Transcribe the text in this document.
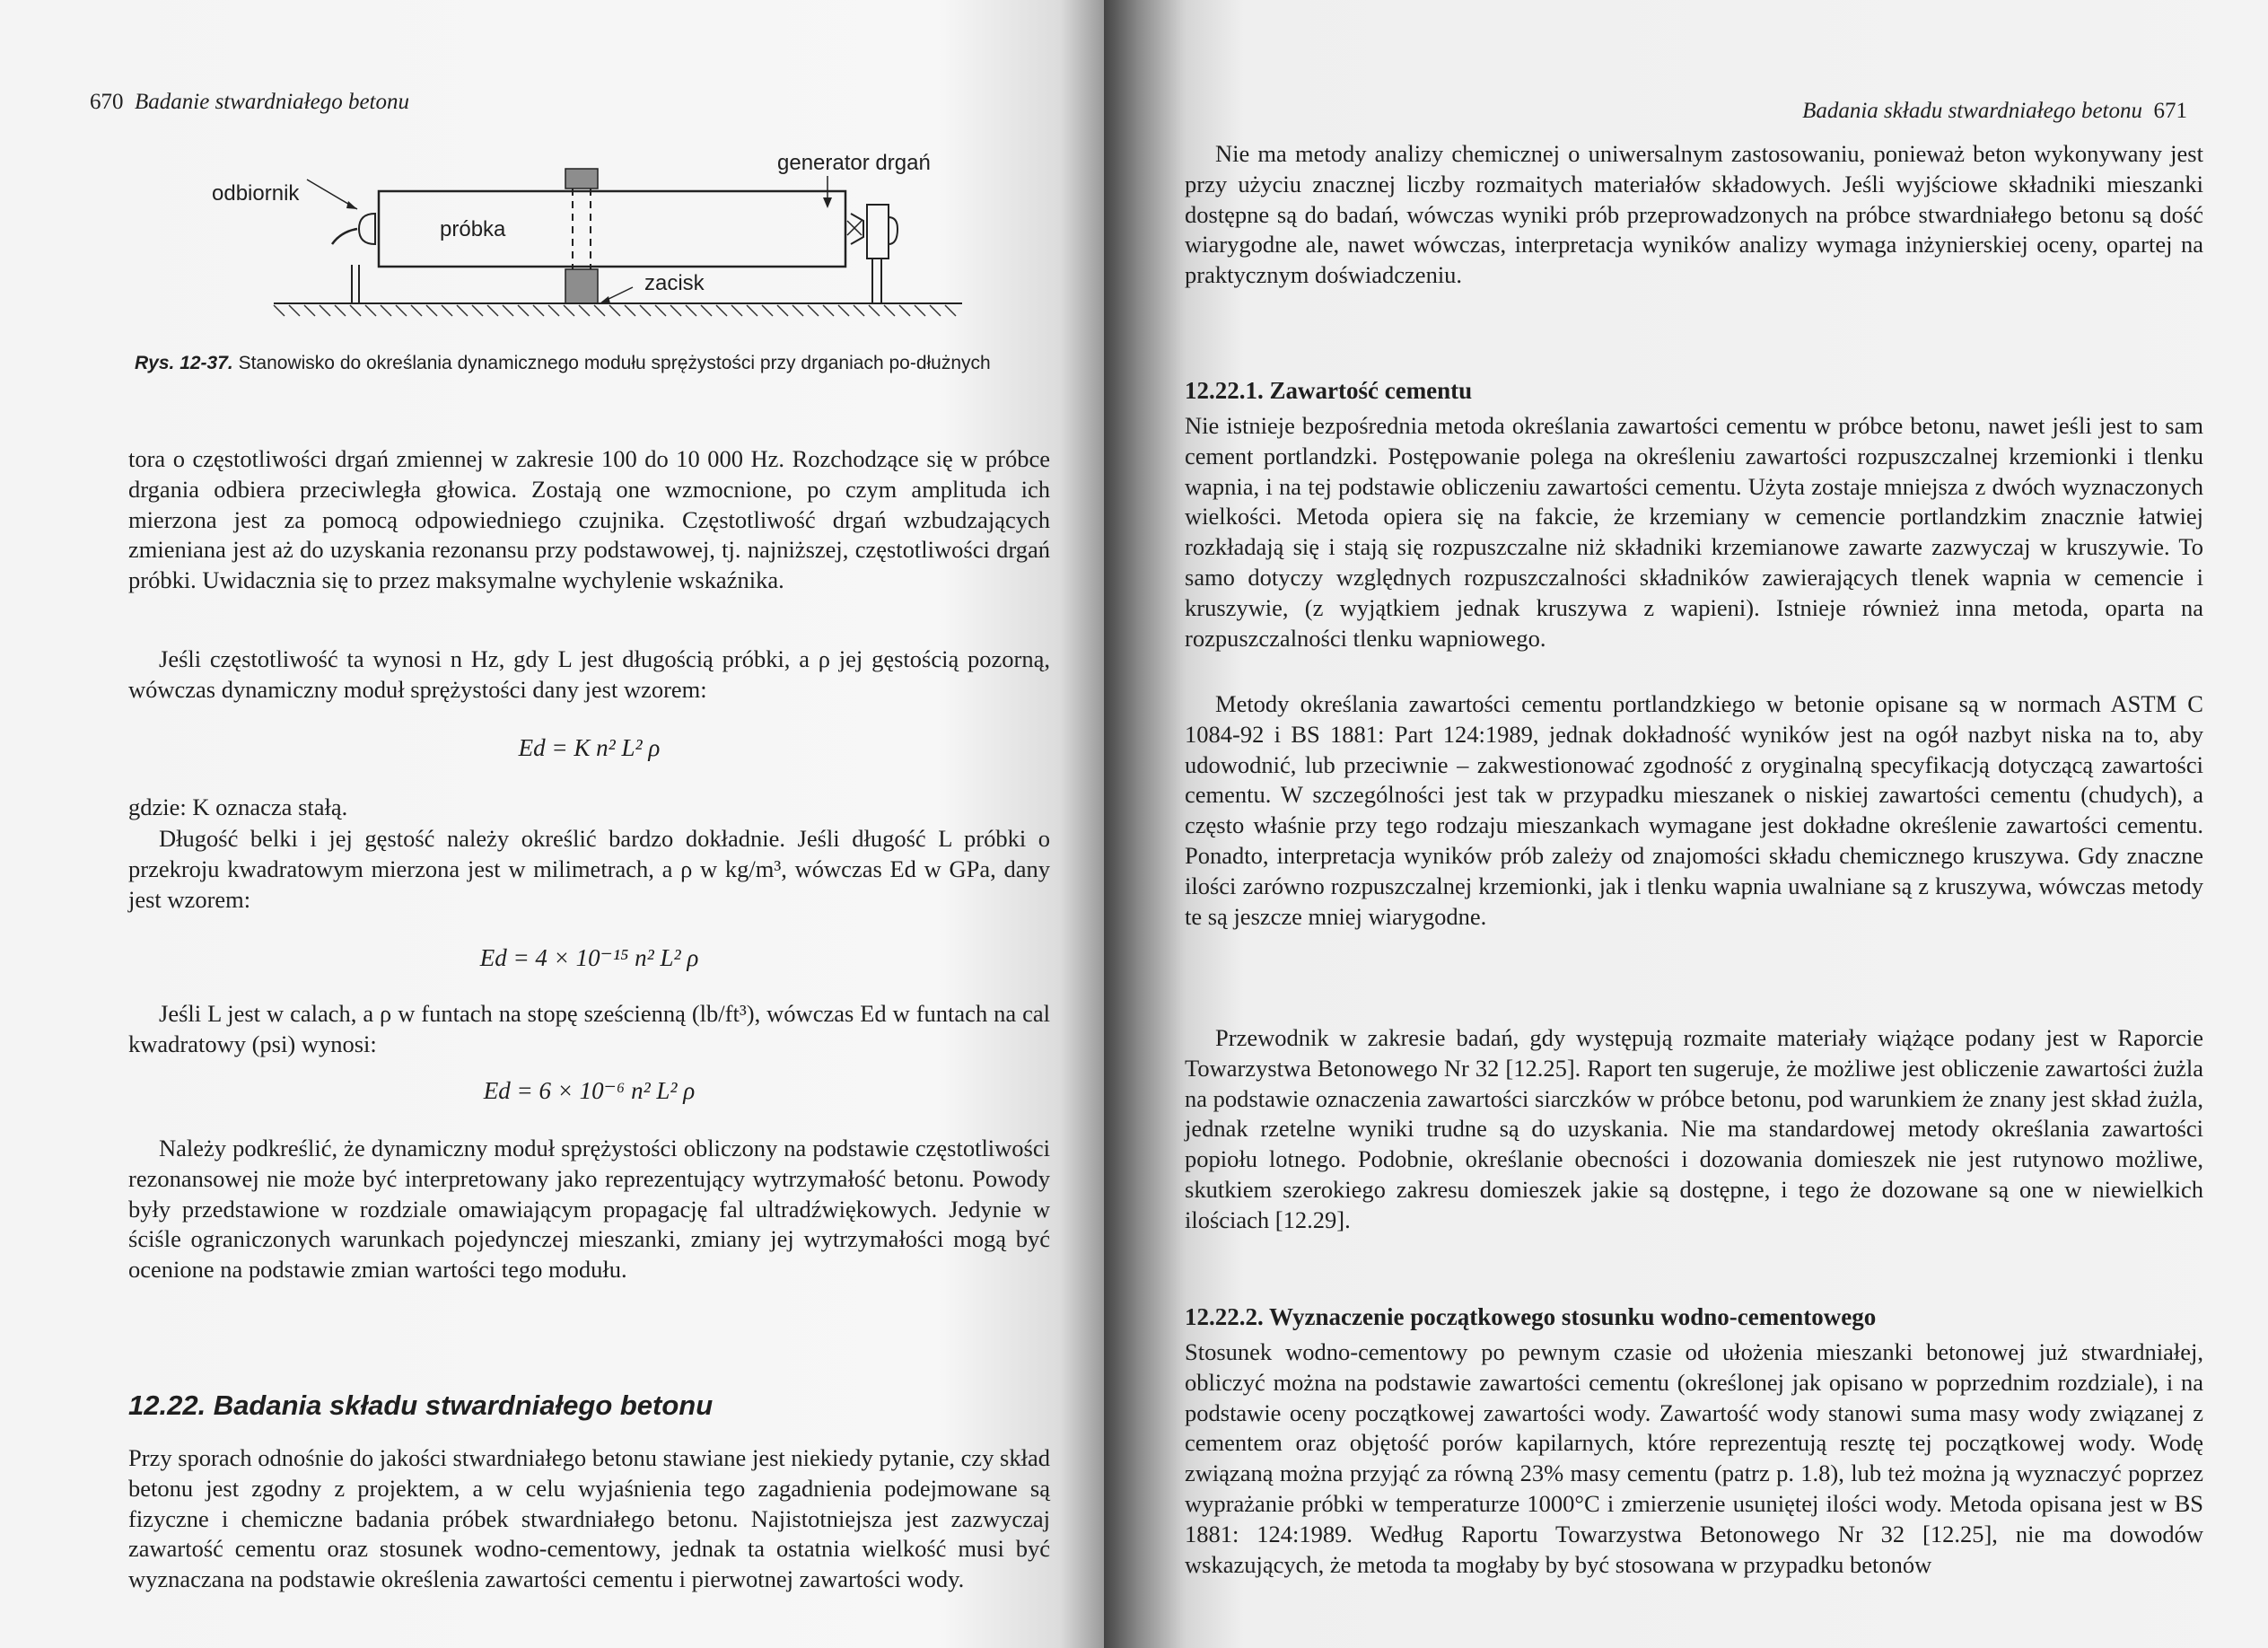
670 Badanie stwardniałego betonu
odbiornik
próbka
generator drgań
zacisk
Rys. 12-37. Stanowisko do określania dynamicznego modułu sprężystości przy drganiach po-dłużnych
tora o częstotliwości drgań zmiennej w zakresie 100 do 10 000 Hz. Rozchodzące się w próbce drgania odbiera przeciwległa głowica. Zostają one wzmocnione, po czym amplituda ich mierzona jest za pomocą odpowiedniego czujnika. Częstotliwość drgań wzbudzających zmieniana jest aż do uzyskania rezonansu przy podstawowej, tj. najniższej, częstotliwości drgań próbki. Uwidacznia się to przez maksymalne wychylenie wskaźnika.
Jeśli częstotliwość ta wynosi n Hz, gdy L jest długością próbki, a ρ jej gęstością pozorną, wówczas dynamiczny moduł sprężystości dany jest wzorem:
Ed = K n² L² ρ
gdzie: K oznacza stałą.
Długość belki i jej gęstość należy określić bardzo dokładnie. Jeśli długość L próbki o przekroju kwadratowym mierzona jest w milimetrach, a ρ w kg/m³, wówczas Ed w GPa, dany jest wzorem:
Ed = 4 × 10⁻¹⁵ n² L² ρ
Jeśli L jest w calach, a ρ w funtach na stopę sześcienną (lb/ft³), wówczas Ed w funtach na cal kwadratowy (psi) wynosi:
Ed = 6 × 10⁻⁶ n² L² ρ
Należy podkreślić, że dynamiczny moduł sprężystości obliczony na podstawie częstotliwości rezonansowej nie może być interpretowany jako reprezentujący wytrzymałość betonu. Powody były przedstawione w rozdziale omawiającym propagację fal ultradźwiękowych. Jedynie w ściśle ograniczonych warunkach pojedynczej mieszanki, zmiany jej wytrzymałości mogą być ocenione na podstawie zmian wartości tego modułu.
12.22. Badania składu stwardniałego betonu
Przy sporach odnośnie do jakości stwardniałego betonu stawiane jest niekiedy pytanie, czy skład betonu jest zgodny z projektem, a w celu wyjaśnienia tego zagadnienia podejmowane są fizyczne i chemiczne badania próbek stwardniałego betonu. Najistotniejsza jest zazwyczaj zawartość cementu oraz stosunek wodno-cementowy, jednak ta ostatnia wielkość musi być wyznaczana na podstawie określenia zawartości cementu i pierwotnej zawartości wody.
Badania składu stwardniałego betonu 671
Nie ma metody analizy chemicznej o uniwersalnym zastosowaniu, ponieważ beton wykonywany jest przy użyciu znacznej liczby rozmaitych materiałów składowych. Jeśli wyjściowe składniki mieszanki dostępne są do badań, wówczas wyniki prób przeprowadzonych na próbce stwardniałego betonu są dość wiarygodne ale, nawet wówczas, interpretacja wyników analizy wymaga inżynierskiej oceny, opartej na praktycznym doświadczeniu.
12.22.1. Zawartość cementu
Nie istnieje bezpośrednia metoda określania zawartości cementu w próbce betonu, nawet jeśli jest to sam cement portlandzki. Postępowanie polega na określeniu zawartości rozpuszczalnej krzemionki i tlenku wapnia, i na tej podstawie obliczeniu zawartości cementu. Użyta zostaje mniejsza z dwóch wyznaczonych wielkości. Metoda opiera się na fakcie, że krzemiany w cemencie portlandzkim znacznie łatwiej rozkładają się i stają się rozpuszczalne niż składniki krzemianowe zawarte zazwyczaj w kruszywie. To samo dotyczy względnych rozpuszczalności składników zawierających tlenek wapnia w cemencie i kruszywie, (z wyjątkiem jednak kruszywa z wapieni). Istnieje również inna metoda, oparta na rozpuszczalności tlenku wapniowego.
Metody określania zawartości cementu portlandzkiego w betonie opisane są w normach ASTM C 1084-92 i BS 1881: Part 124:1989, jednak dokładność wyników jest na ogół nazbyt niska na to, aby udowodnić, lub przeciwnie – zakwestionować zgodność z oryginalną specyfikacją dotyczącą zawartości cementu. W szczególności jest tak w przypadku mieszanek o niskiej zawartości cementu (chudych), a często właśnie przy tego rodzaju mieszankach wymagane jest dokładne określenie zawartości cementu. Ponadto, interpretacja wyników prób zależy od znajomości składu chemicznego kruszywa. Gdy znaczne ilości zarówno rozpuszczalnej krzemionki, jak i tlenku wapnia uwalniane są z kruszywa, wówczas metody te są jeszcze mniej wiarygodne.
Przewodnik w zakresie badań, gdy występują rozmaite materiały wiążące podany jest w Raporcie Towarzystwa Betonowego Nr 32 [12.25]. Raport ten sugeruje, że możliwe jest obliczenie zawartości żużla na podstawie oznaczenia zawartości siarczków w próbce betonu, pod warunkiem że znany jest skład żużla, jednak rzetelne wyniki trudne są do uzyskania. Nie ma standardowej metody określania zawartości popiołu lotnego. Podobnie, określanie obecności i dozowania domieszek nie jest rutynowo możliwe, skutkiem szerokiego zakresu domieszek jakie są dostępne, i tego że dozowane są one w niewielkich ilościach [12.29].
12.22.2. Wyznaczenie początkowego stosunku wodno-cementowego
Stosunek wodno-cementowy po pewnym czasie od ułożenia mieszanki betonowej już stwardniałej, obliczyć można na podstawie zawartości cementu (określonej jak opisano w poprzednim rozdziale), i na podstawie oceny początkowej zawartości wody. Zawartość wody stanowi suma masy wody związanej z cementem oraz objętość porów kapilarnych, które reprezentują resztę tej początkowej wody. Wodę związaną można przyjąć za równą 23% masy cementu (patrz p. 1.8), lub też można ją wyznaczyć poprzez wyprażanie próbki w temperaturze 1000°C i zmierzenie usuniętej ilości wody. Metoda opisana jest w BS 1881: 124:1989. Według Raportu Towarzystwa Betonowego Nr 32 [12.25], nie ma dowodów wskazujących, że metoda ta mogłaby by być stosowana w przypadku betonów
